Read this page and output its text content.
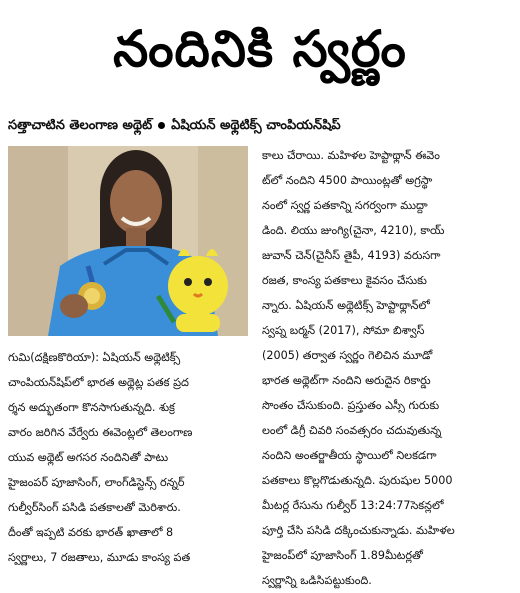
నందినికి స్వర్ణం
సత్తాచాటిన తెలంగాణ అథ్లెట్ ఏషియన్ అథ్లెటిక్స్ చాంపియన్‌షిప్
గుమి(దక్షిణకొరియా): ఏషియన్ అథ్లెటిక్స్
చాంపియన్‌షిప్‌లో భారత అథ్లెట్ల పతక ప్రద
ర్శన అద్భుతంగా కొనసాగుతున్నది. శుక్ర
వారం జరిగిన వేర్వేరు ఈవెంట్లలో తెలంగాణ
యువ అథ్లెట్ అగసర నందినితో పాటు
హైజంపర్ పూజాసింగ్, లాంగ్‌డిస్టెన్స్ రన్నర్
గుల్వీర్‌సింగ్ పసిడి పతకాలతో మెరిశారు.
దీంతో ఇప్పటి వరకు భారత్ ఖాతాలో 8
స్వర్ణాలు, 7 రజతాలు, మూడు కాంస్య పత
కాలు చేరాయి. మహిళల హెప్టాథ్లాన్ ఈవెం
ట్‌లో నందిని 4500 పాయింట్లతో అగ్రస్థా
నంలో స్వర్ణ పతకాన్ని సగర్వంగా ముద్దా
డింది. లియు జుంగ్యి(చైనా, 4210), కాయ్
జువాన్ చెన్(చైనీస్ తైపీ, 4193) వరుసగా
రజత, కాంస్య పతకాలు కైవసం చేసుకు
న్నారు. ఏషియన్ అథ్లెటిక్స్ హెప్టాథ్లాన్‌లో
స్వప్న బర్మన్ (2017), సోమా బిశ్వాస్
(2005) తర్వాత స్వర్ణం గెలిచిన మూడో
భారత అథ్లెట్‌గా నందిని అరుదైన రికార్డు
సొంతం చేసుకుంది. ప్రస్తుతం ఎస్సీ గురుకు
లంలో డిగ్రీ చివరి సంవత్సరం చదువుతున్న
నందిని అంతర్జాతీయ స్థాయిలో నిలకడగా
పతకాలు కొల్లగొడుతున్నది. పురుషుల 5000
మీటర్ల రేసును గుల్వీర్ 13:24:77సెకన్లలో
పూర్తి చేసి పసిడి దక్కించుకున్నాడు. మహిళల
హైజంప్‌లో పూజాసింగ్ 1.89మీటర్లతో
స్వర్ణాన్ని ఒడిసిపట్టుకుంది.
